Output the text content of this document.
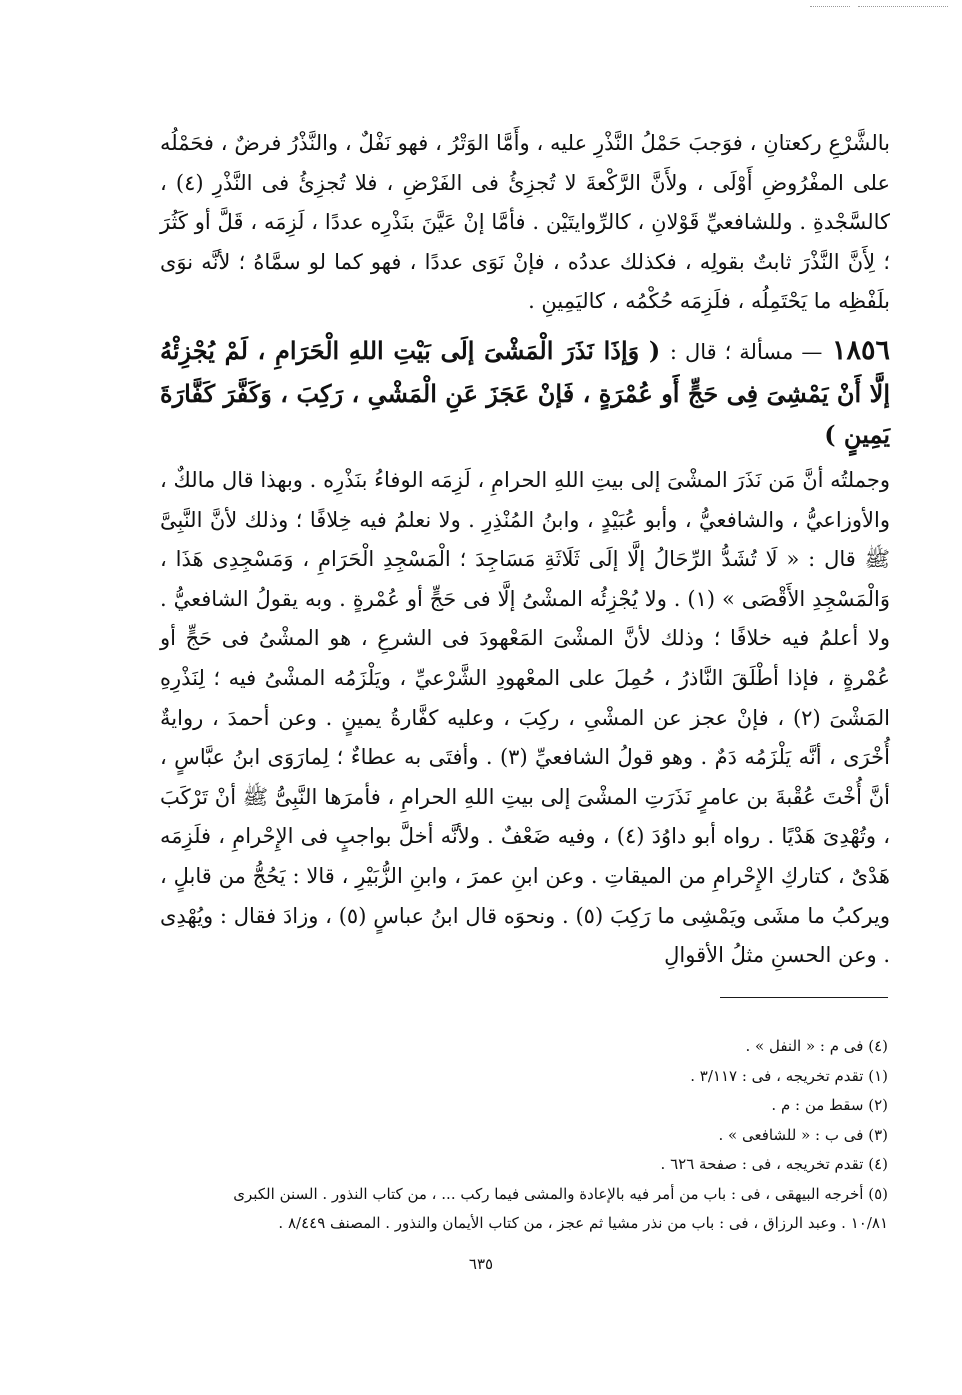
بالشَّرْعِ ركعتانِ ، فوَجبَ حَمْلُ النَّذْرِ عليه ، وأَمَّا الوَتْرُ ، فهو نَفْلٌ ، والنَّذْرُ فرضٌ ، فحَمْلُه على المفْرُوضِ أَوْلَى ، ولأَنَّ الرَّكْعةَ لا تُجزِئُ فى الفَرْضِ ، فلا تُجزِئُ فى النَّذْرِ (٤) ، كالسَّجْدةِ . وللشافعيِّ قَوْلانِ ، كالرِّوايتَيْن . فأمَّا إنْ عَيَّنَ بنَذْرِه عددًا ، لَزِمَه ، قَلَّ أو كَثُرَ ؛ لِأَنَّ النَّذْرَ ثابتٌ بقولِه ، فكذلك عددُه ، فإنْ نَوَى عددًا ، فهو كما لو سمَّاهُ ؛ لأنَّه نوَى بلَفْظِه ما يَحْتَمِلُه ، فلَزِمَه حُكْمُه ، كاليَمِينِ .

١٨٥٦ — مسألة ؛ قال : ( وَإذَا نَذَرَ الْمَشْىَ إلَى بَيْتِ اللهِ الْحَرَامِ ، لَمْ يُجْزِئْهُ إلَّا أَنْ يَمْشِىَ فِى حَجٍّ أَو عُمْرَةٍ ، فَإنْ عَجَزَ عَنِ الْمَشْىِ ، رَكِبَ ، وَكَفَّرَ كَفَّارَةَ يَمِينٍ )

وجملتُه أنَّ مَن نَذَرَ المشْىَ إلى بيتِ اللهِ الحرامِ ، لَزِمَه الوفاءُ بنَذْرِه . وبهذا قال مالكٌ ، والأوزاعيُّ ، والشافعيُّ ، وأبو عُبَيْدٍ ، وابنُ المُنْذِرِ . ولا نعلمُ فيه خِلافًا ؛ وذلك لأنَّ النَّبِىَّ ﷺ قال : « لَا تُشَدُّ الرِّحَالُ إلَّا إلَى ثَلَاثَةِ مَسَاجِدَ ؛ الْمَسْجِدِ الْحَرَامِ ، وَمَسْجِدِى هَذَا ، وَالْمَسْجِدِ الأَقْصَى » (١) . ولا يُجْزِئُه المشْىُ إلَّا فى حَجٍّ أو عُمْرةٍ . وبه يقولُ الشافعيُّ . ولا أعلمُ فيه خلافًا ؛ وذلك لأنَّ المشْىَ المَعْهودَ فى الشرعِ ، هو المشْىُ فى حَجٍّ أو عُمْرةٍ ، فإذا أطْلَقَ النَّاذرُ ، حُمِلَ على المعْهودِ الشَّرْعيِّ ، ويَلْزَمُه المشْىُ فيه ؛ لِنَذْرِهِ المَشْىَ (٢) ، فإنْ عجز عن المشْىِ ، ركِبَ ، وعليه كفَّارةُ يمينٍ . وعن أحمدَ ، روايةٌ أُخْرَى ، أنَّه يَلْزَمُه دَمٌ . وهو قولُ الشافعيِّ (٣) . وأفتَى به عطاءٌ ؛ لِمارَوَى ابنُ عبَّاسٍ ، أنَّ أُخْتَ عُقْبةَ بن عامرٍ نَذَرَتِ المشْىَ إلى بيتِ اللهِ الحرامِ ، فأمرَها النَّبِىُّ ﷺ أنْ تَرْكَبَ ، وتُهْدِىَ هَدْيًا . رواه أبو داوُدَ (٤) ، وفيه ضَعْفٌ . ولأنَّه أخلَّ بواجبٍ فى الإِحْرامِ ، فلَزِمَه هَدْىٌ ، كتاركِ الإِحْرامِ من الميقاتِ . وعن ابنِ عمرَ ، وابنِ الزُّبَيْرِ ، قالا : يَحُجُّ من قابلٍ ، ويركبُ ما مشَى ويَمْشِى ما رَكِبَ (٥) . ونحوَه قال ابنُ عباسٍ (٥) ، وزادَ فقال : ويُهْدِى . وعن الحسنِ مثلُ الأقوالِ

(٤) فى م : « النفل » .
(١) تقدم تخريجه ، فى : ٣/١١٧ .
(٢) سقط من : م .
(٣) فى ب : « للشافعى » .
(٤) تقدم تخريجه ، فى : صفحة ٦٢٦ .
(٥) أخرجه البيهقى ، فى : باب من أمر فيه بالإعادة والمشى فيما ركب ... ، من كتاب النذور . السنن الكبرى
١٠/٨١ . وعبد الرزاق ، فى : باب من نذر مشيا ثم عجز ، من كتاب الأيمان والنذور . المصنف ٨/٤٤٩ .
٦٣٥
